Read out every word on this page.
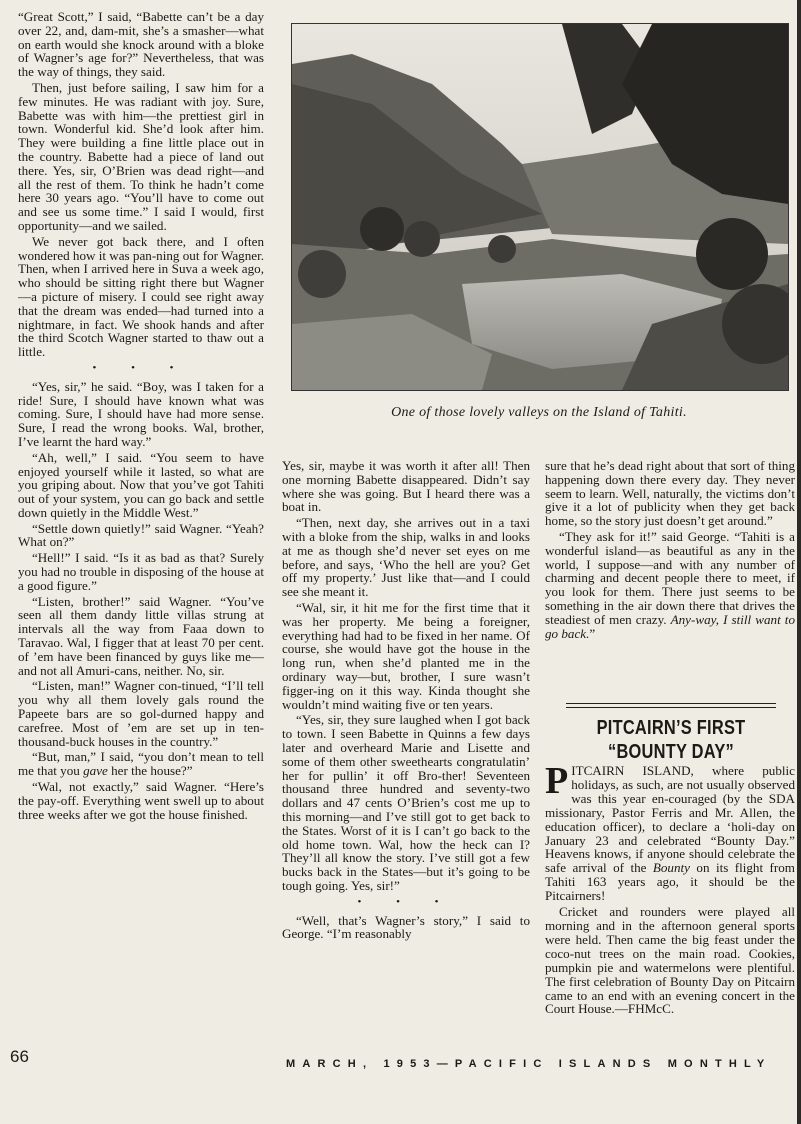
“Great Scott,” I said, “Babette can’t be a day over 22, and, dam-mit, she’s a smasher—what on earth would she knock around with a bloke of Wagner’s age for?” Nevertheless, that was the way of things, they said.

Then, just before sailing, I saw him for a few minutes. He was radiant with joy. Sure, Babette was with him—the prettiest girl in town. Wonderful kid. She’d look after him. They were building a fine little place out in the country. Babette had a piece of land out there. Yes, sir, O’Brien was dead right—and all the rest of them. To think he hadn’t come here 30 years ago. “You’ll have to come out and see us some time.” I said I would, first opportunity—and we sailed.

We never got back there, and I often wondered how it was pan-ning out for Wagner. Then, when I arrived here in Suva a week ago, who should be sitting right there but Wagner—a picture of misery. I could see right away that the dream was ended—had turned into a nightmare, in fact. We shook hands and after the third Scotch Wagner started to thaw out a little.

• • •

“Yes, sir,” he said. “Boy, was I taken for a ride! Sure, I should have known what was coming. Sure, I should have had more sense. Sure, I read the wrong books. Wal, brother, I’ve learnt the hard way.”

“Ah, well,” I said. “You seem to have enjoyed yourself while it lasted, so what are you griping about. Now that you’ve got Tahiti out of your system, you can go back and settle down quietly in the Middle West.”

“Settle down quietly!” said Wagner. “Yeah? What on?”

“Hell!” I said. “Is it as bad as that? Surely you had no trouble in disposing of the house at a good figure.”

“Listen, brother!” said Wagner. “You’ve seen all them dandy little villas strung at intervals all the way from Faaa down to Taravao. Wal, I figger that at least 70 per cent. of ’em have been financed by guys like me—and not all Amuri-cans, neither. No, sir.

“Listen, man!” Wagner con-tinued, “I’ll tell you why all them lovely gals round the Papeete bars are so gol-durned happy and carefree. Most of ’em are set up in ten-thousand-buck houses in the country.”

“But, man,” I said, “you don’t mean to tell me that you gave her the house?”

“Wal, not exactly,” said Wagner. “Here’s the pay-off. Everything went swell up to about three weeks after we got the house finished.

One of those lovely valleys on the Island of Tahiti.

Yes, sir, maybe it was worth it after all! Then one morning Babette disappeared. Didn’t say where she was going. But I heard there was a boat in.

“Then, next day, she arrives out in a taxi with a bloke from the ship, walks in and looks at me as though she’d never set eyes on me before, and says, ‘Who the hell are you? Get off my property.’ Just like that—and I could see she meant it.

“Wal, sir, it hit me for the first time that it was her property. Me being a foreigner, everything had had to be fixed in her name. Of course, she would have got the house in the long run, when she’d planted me in the ordinary way—but, brother, I sure wasn’t figger-ing on it this way. Kinda thought she wouldn’t mind waiting five or ten years.

“Yes, sir, they sure laughed when I got back to town. I seen Babette in Quinns a few days later and overheard Marie and Lisette and some of them other sweethearts congratulatin’ her for pullin’ it off Bro-ther! Seventeen thousand three hundred and seventy-two dollars and 47 cents O’Brien’s cost me up to this morning—and I’ve still got to get back to the States. Worst of it is I can’t go back to the old home town. Wal, how the heck can I? They’ll all know the story. I’ve still got a few bucks back in the States—but it’s going to be tough going. Yes, sir!”

• • •

“Well, that’s Wagner’s story,” I said to George. “I’m reasonably

sure that he’s dead right about that sort of thing happening down there every day. They never seem to learn. Well, naturally, the victims don’t give it a lot of publicity when they get back home, so the story just doesn’t get around.”

“They ask for it!” said George. “Tahiti is a wonderful island—as beautiful as any in the world, I suppose—and with any number of charming and decent people there to meet, if you look for them. There just seems to be something in the air down there that drives the steadiest of men crazy. Any-way, I still want to go back.”

PITCAIRN’S FIRST “BOUNTY DAY”

PITCAIRN ISLAND, where public holidays, as such, are not usually observed was this year en-couraged (by the SDA missionary, Pastor Ferris and Mr. Allen, the education officer), to declare a ‘holi-day on January 23 and celebrated “Bounty Day.” Heavens knows, if anyone should celebrate the safe arrival of the Bounty on its flight from Tahiti 163 years ago, it should be the Pitcairners!

Cricket and rounders were played all morning and in the afternoon general sports were held. Then came the big feast under the coco-nut trees on the main road. Cookies, pumpkin pie and watermelons were plentiful. The first celebration of Bounty Day on Pitcairn came to an end with an evening concert in the Court House.—FHMcC.

66	MARCH, 1953—PACIFIC ISLANDS MONTHLY
